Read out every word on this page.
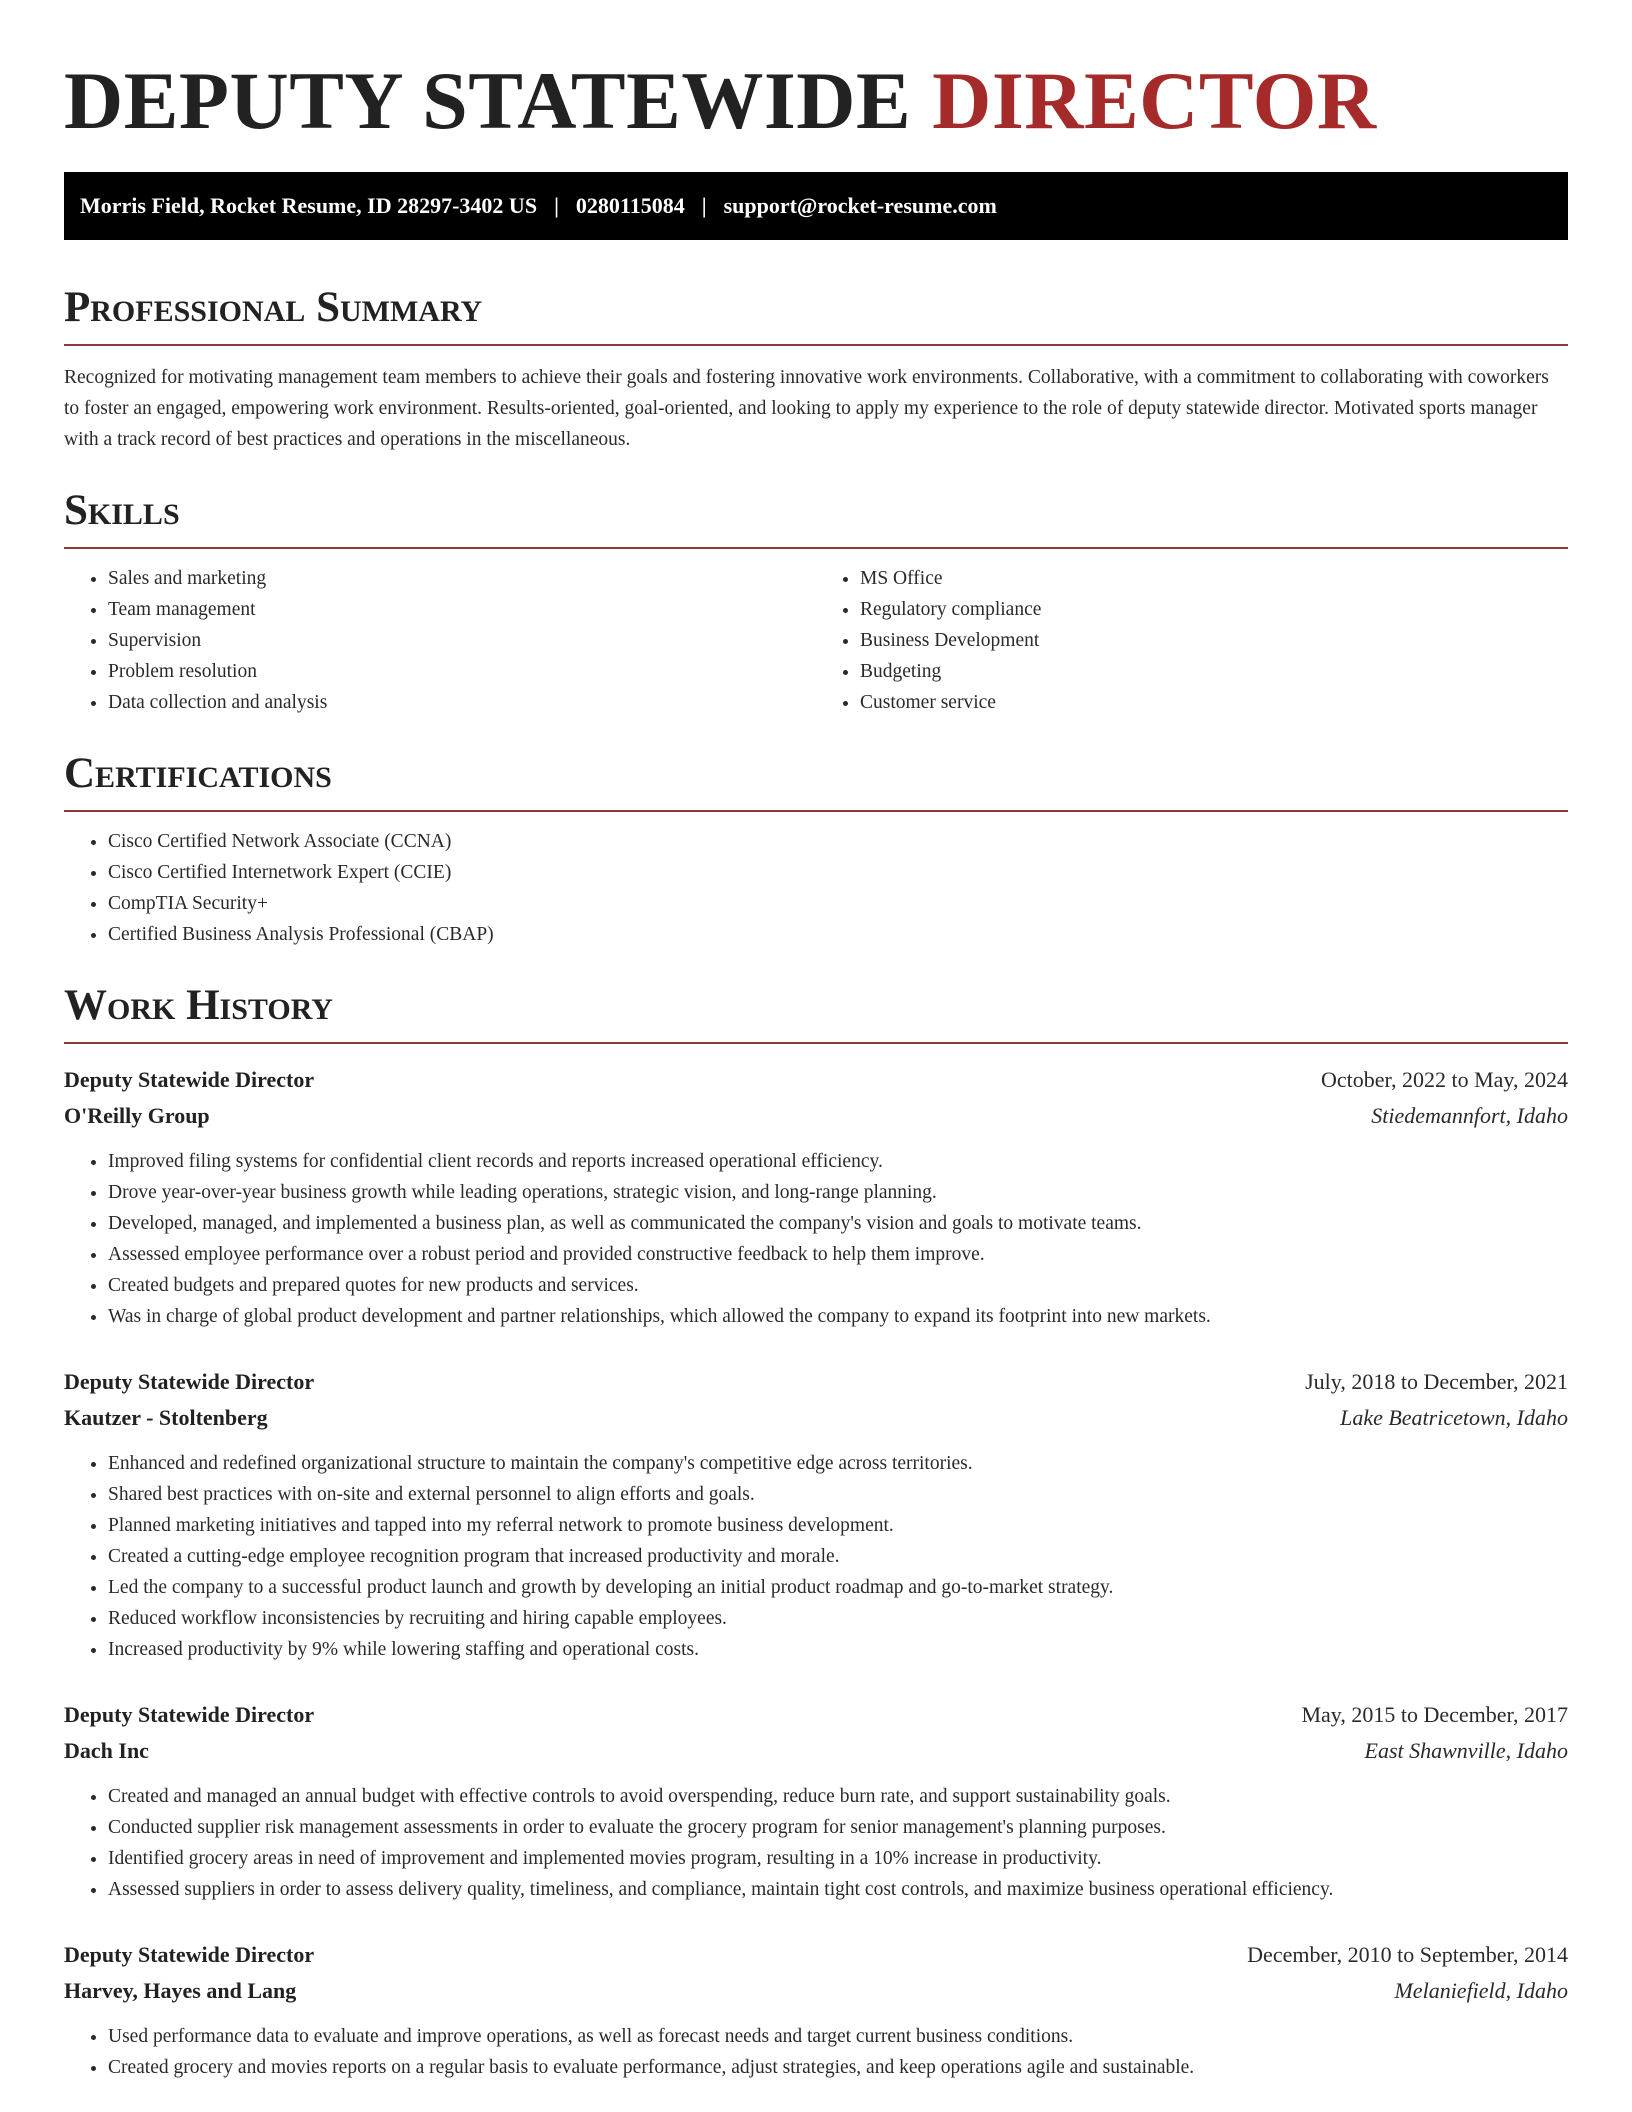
DEPUTY STATEWIDE DIRECTOR
Morris Field, Rocket Resume, ID 28297-3402 US | 0280115084 | support@rocket-resume.com
Professional Summary

Recognized for motivating management team members to achieve their goals and fostering innovative work environments. Collaborative, with a commitment to collaborating with coworkers to foster an engaged, empowering work environment. Results-oriented, goal-oriented, and looking to apply my experience to the role of deputy statewide director. Motivated sports manager with a track record of best practices and operations in the miscellaneous.

Skills
• Sales and marketing
• Team management
• Supervision
• Problem resolution
• Data collection and analysis
• MS Office
• Regulatory compliance
• Business Development
• Budgeting
• Customer service
Certifications
• Cisco Certified Network Associate (CCNA)
• Cisco Certified Internetwork Expert (CCIE)
• CompTIA Security+
• Certified Business Analysis Professional (CBAP)
Work History
Deputy Statewide Director	October, 2022 to May, 2024
O'Reilly Group	Stiedemannfort, Idaho
• Improved filing systems for confidential client records and reports increased operational efficiency.
• Drove year-over-year business growth while leading operations, strategic vision, and long-range planning.
• Developed, managed, and implemented a business plan, as well as communicated the company's vision and goals to motivate teams.
• Assessed employee performance over a robust period and provided constructive feedback to help them improve.
• Created budgets and prepared quotes for new products and services.
• Was in charge of global product development and partner relationships, which allowed the company to expand its footprint into new markets.
Deputy Statewide Director	July, 2018 to December, 2021
Kautzer - Stoltenberg	Lake Beatricetown, Idaho
• Enhanced and redefined organizational structure to maintain the company's competitive edge across territories.
• Shared best practices with on-site and external personnel to align efforts and goals.
• Planned marketing initiatives and tapped into my referral network to promote business development.
• Created a cutting-edge employee recognition program that increased productivity and morale.
• Led the company to a successful product launch and growth by developing an initial product roadmap and go-to-market strategy.
• Reduced workflow inconsistencies by recruiting and hiring capable employees.
• Increased productivity by 9% while lowering staffing and operational costs.
Deputy Statewide Director	May, 2015 to December, 2017
Dach Inc	East Shawnville, Idaho
• Created and managed an annual budget with effective controls to avoid overspending, reduce burn rate, and support sustainability goals.
• Conducted supplier risk management assessments in order to evaluate the grocery program for senior management's planning purposes.
• Identified grocery areas in need of improvement and implemented movies program, resulting in a 10% increase in productivity.
• Assessed suppliers in order to assess delivery quality, timeliness, and compliance, maintain tight cost controls, and maximize business operational efficiency.
Deputy Statewide Director	December, 2010 to September, 2014
Harvey, Hayes and Lang	Melaniefield, Idaho
• Used performance data to evaluate and improve operations, as well as forecast needs and target current business conditions.
• Created grocery and movies reports on a regular basis to evaluate performance, adjust strategies, and keep operations agile and sustainable.
